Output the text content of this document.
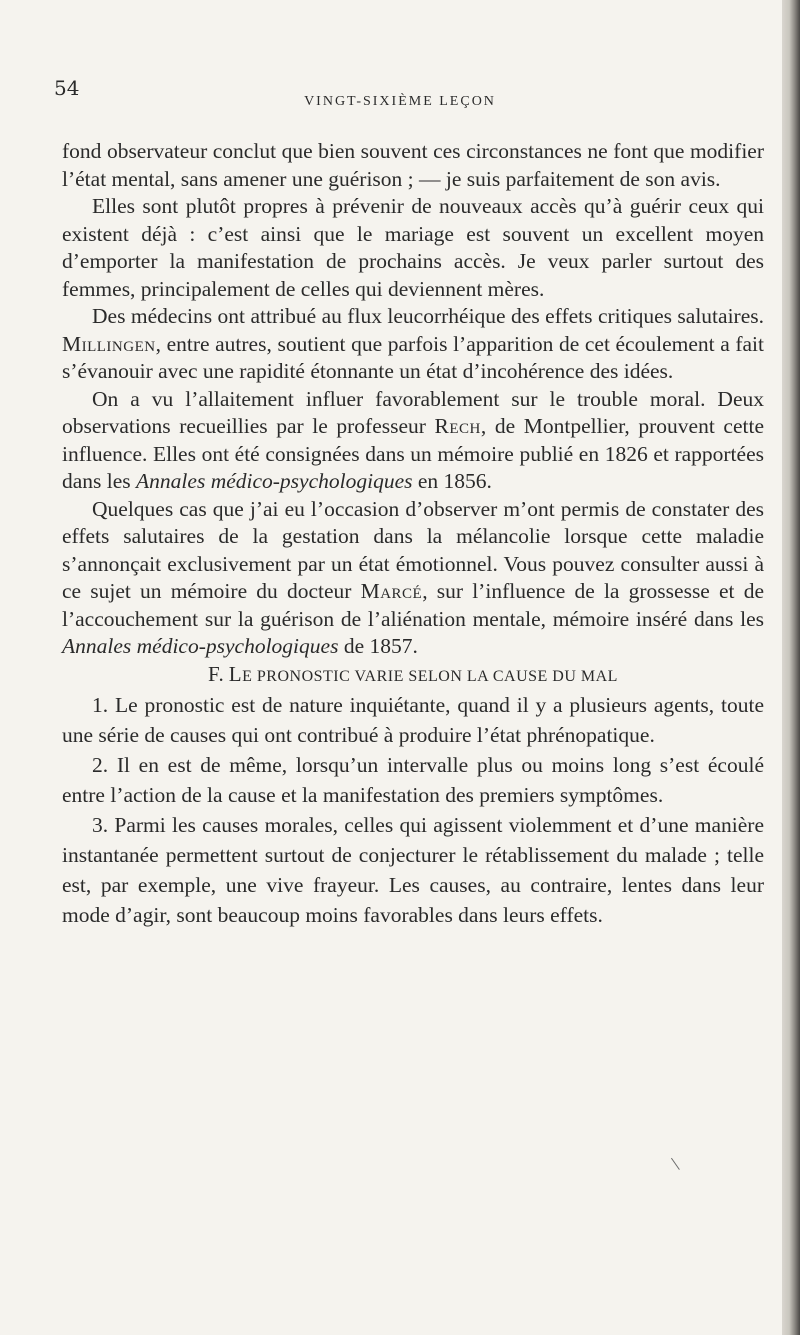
54
VINGT-SIXIÈME LEÇON

fond observateur conclut que bien souvent ces circonstances ne font que modifier l’état mental, sans amener une guérison ; — je suis parfaitement de son avis.

Elles sont plutôt propres à prévenir de nouveaux accès qu’à guérir ceux qui existent déjà : c’est ainsi que le mariage est souvent un excellent moyen d’emporter la manifestation de prochains accès. Je veux parler surtout des femmes, principalement de celles qui deviennent mères.

Des médecins ont attribué au flux leucorrhéique des effets critiques salutaires. Millingen, entre autres, soutient que parfois l’apparition de cet écoulement a fait s’évanouir avec une rapidité étonnante un état d’incohérence des idées.

On a vu l’allaitement influer favorablement sur le trouble moral. Deux observations recueillies par le professeur Rech, de Montpellier, prouvent cette influence. Elles ont été consignées dans un mémoire publié en 1826 et rapportées dans les Annales médico-psychologiques en 1856.

Quelques cas que j’ai eu l’occasion d’observer m’ont permis de constater des effets salutaires de la gestation dans la mélancolie lorsque cette maladie s’annonçait exclusivement par un état émotionnel. Vous pouvez consulter aussi à ce sujet un mémoire du docteur Marcé, sur l’influence de la grossesse et de l’accouchement sur la guérison de l’aliénation mentale, mémoire inséré dans les Annales médico-psychologiques de 1857.

F. LE PRONOSTIC VARIE SELON LA CAUSE DU MAL

1. Le pronostic est de nature inquiétante, quand il y a plusieurs agents, toute une série de causes qui ont contribué à produire l’état phrénopatique.

2. Il en est de même, lorsqu’un intervalle plus ou moins long s’est écoulé entre l’action de la cause et la manifestation des premiers symptômes.

3. Parmi les causes morales, celles qui agissent violemment et d’une manière instantanée permettent surtout de conjecturer le rétablissement du malade ; telle est, par exemple, une vive frayeur. Les causes, au contraire, lentes dans leur mode d’agir, sont beaucoup moins favorables dans leurs effets.
